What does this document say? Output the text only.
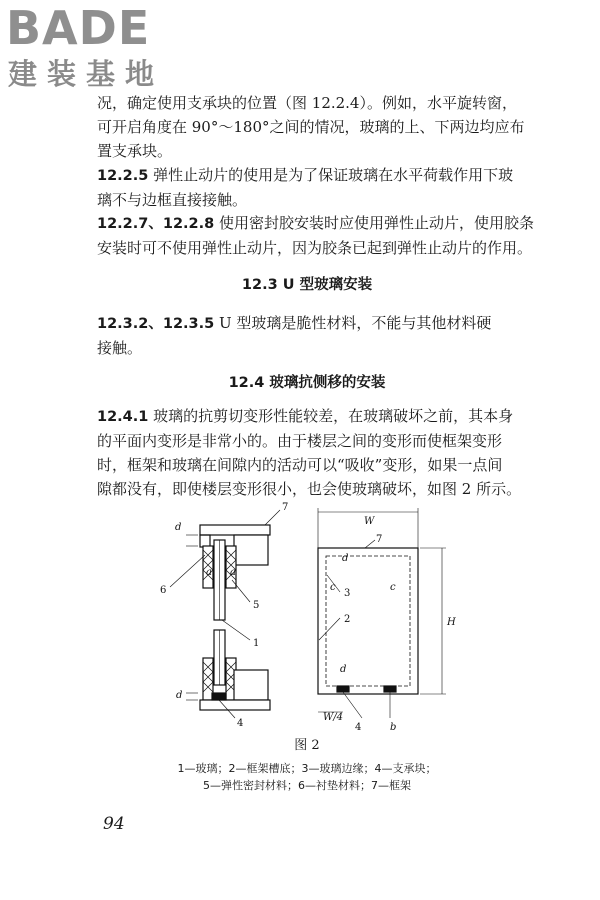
BADE
建装基地
况，确定使用支承块的位置（图 12.2.4）。例如，水平旋转窗，
可开启角度在 90°～180°之间的情况，玻璃的上、下两边均应布
置支承块。
12.2.5 弹性止动片的使用是为了保证玻璃在水平荷载作用下玻
璃不与边框直接接触。
12.2.7、12.2.8 使用密封胶安装时应使用弹性止动片，使用胶条
安装时可不使用弹性止动片，因为胶条已起到弹性止动片的作用。
12.3 U 型玻璃安装
12.3.2、12.3.5 U 型玻璃是脆性材料，不能与其他材料硬
接触。
12.4 玻璃抗侧移的安装
12.4.1 玻璃的抗剪切变形性能较差，在玻璃破坏之前，其本身
的平面内变形是非常小的。由于楼层之间的变形而使框架变形
时，框架和玻璃在间隙内的活动可以“吸收”变形，如果一点间
隙都没有，即使楼层变形很小，也会使玻璃破坏，如图 2 所示。
d
d
a a
6
5
1
7
4
W
H
d
c	c
7
3
2
d
W/4
4	b
图 2
1—玻璃；2—框架槽底；3—玻璃边缘；4—支承块；
5—弹性密封材料；6—衬垫材料；7—框架
94
